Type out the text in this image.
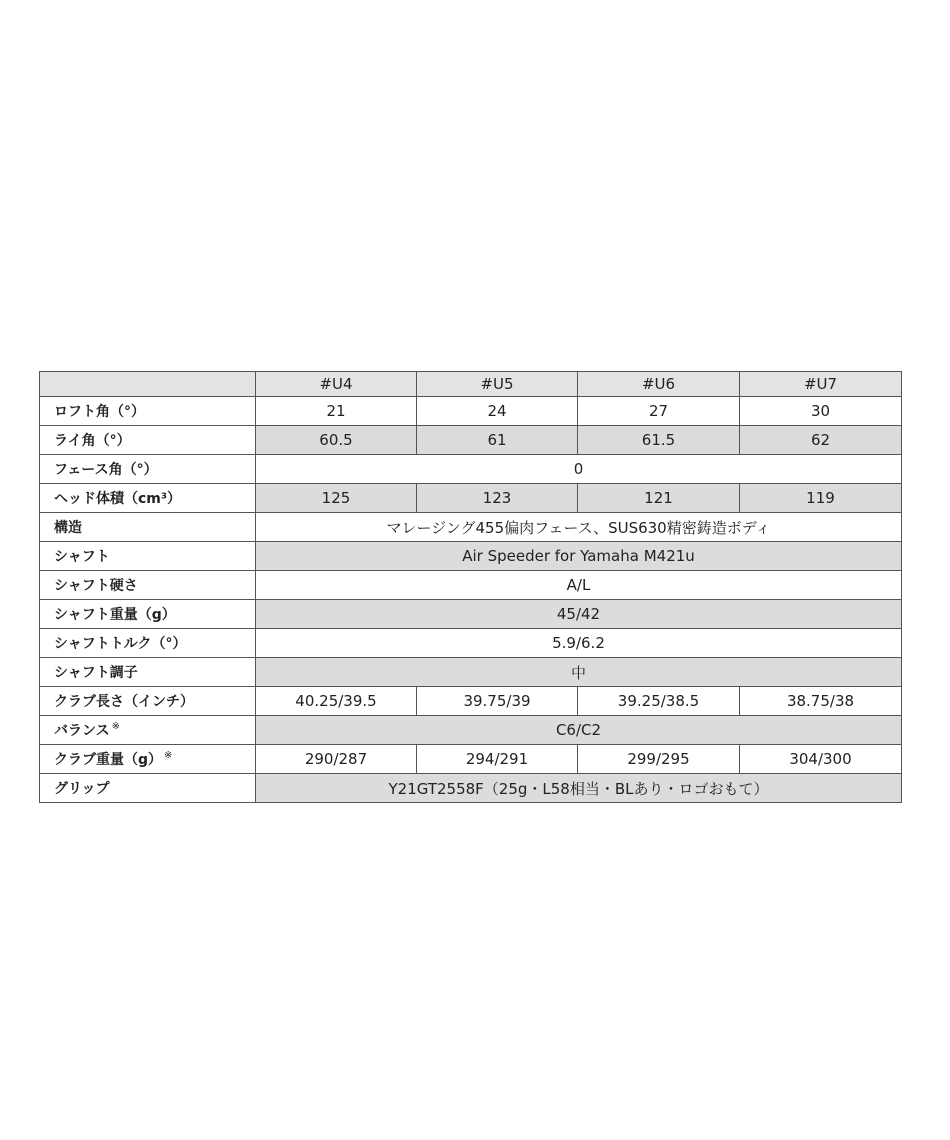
	#U4	#U5	#U6	#U7
ロフト角（°）	21	24	27	30
ライ角（°）	60.5	61	61.5	62
フェース角（°）	0			
ヘッド体積（cm³）	125	123	121	119
構造	マレージング455偏肉フェース、SUS630精密鋳造ボディ			
シャフト	Air Speeder for Yamaha M421u			
シャフト硬さ	A/L			
シャフト重量（g）	45/42			
シャフトトルク（°）	5.9/6.2			
シャフト調子	中			
クラブ長さ（インチ）	40.25/39.5	39.75/39	39.25/38.5	38.75/38
バランス ※	C6/C2			
クラブ重量（g） ※	290/287	294/291	299/295	304/300
グリップ	Y21GT2558F（25g・L58相当・BLあり・ロゴおもて）			
